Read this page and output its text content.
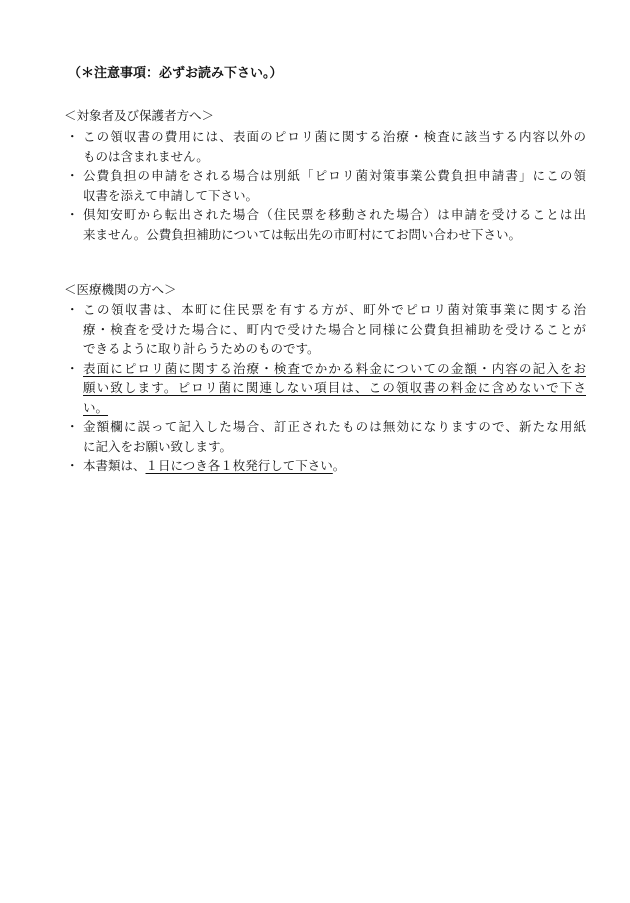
（＊注意事項：必ずお読み下さい。）
＜対象者及び保護者方へ＞
・ この領収書の費用には、表面のピロリ菌に関する治療・検査に該当する内容以外の
ものは含まれません。
・ 公費負担の申請をされる場合は別紙「ピロリ菌対策事業公費負担申請書」にこの領
収書を添えて申請して下さい。
・ 倶知安町から転出された場合（住民票を移動された場合）は申請を受けることは出
来ません。公費負担補助については転出先の市町村にてお問い合わせ下さい。
＜医療機関の方へ＞
・ この領収書は、本町に住民票を有する方が、町外でピロリ菌対策事業に関する治
療・検査を受けた場合に、町内で受けた場合と同様に公費負担補助を受けることが
できるように取り計らうためのものです。
・ 表面にピロリ菌に関する治療・検査でかかる料金についての金額・内容の記入をお
願い致します。ピロリ菌に関連しない項目は、この領収書の料金に含めないで下さ
い。
・ 金額欄に誤って記入した場合、訂正されたものは無効になりますので、新たな用紙
に記入をお願い致します。
・ 本書類は、１日につき各１枚発行して下さい。
